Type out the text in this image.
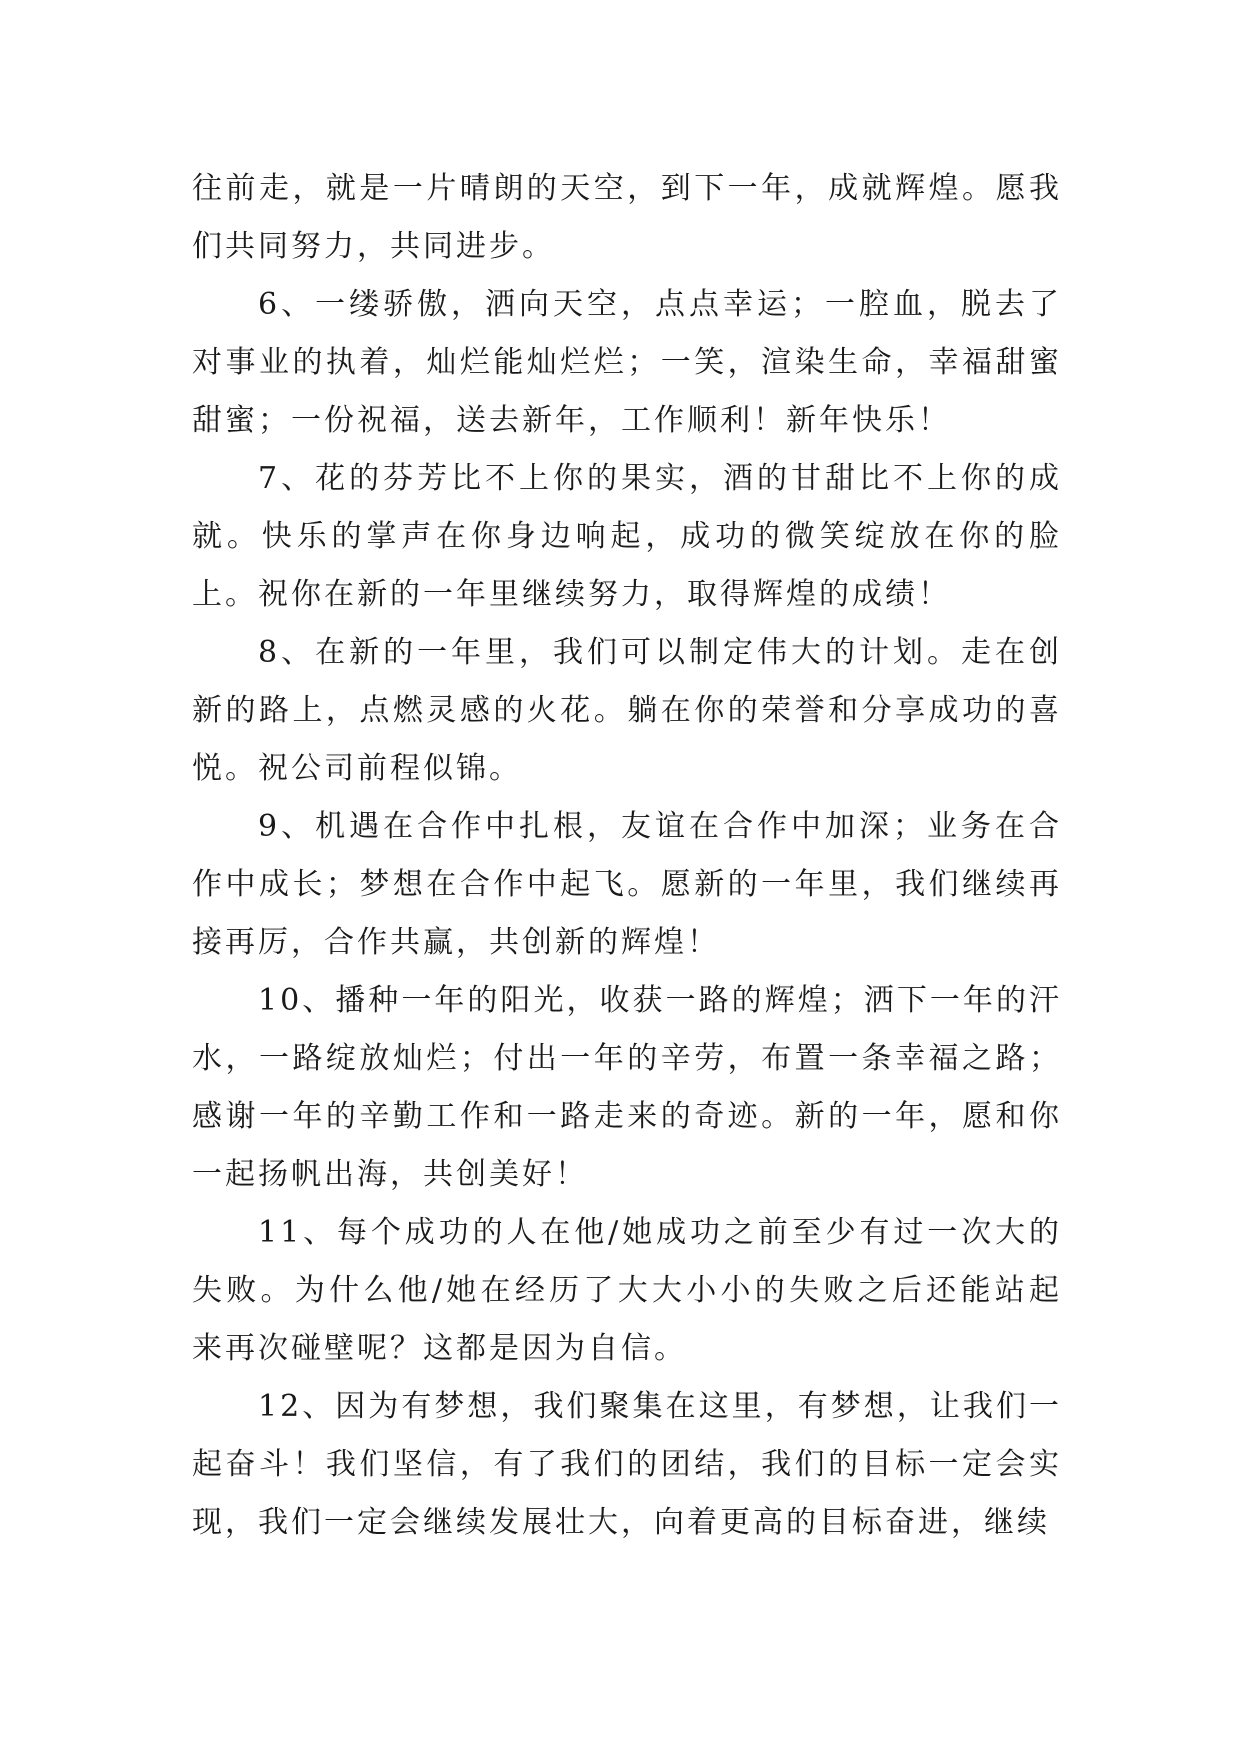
往前走，就是一片晴朗的天空，到下一年，成就辉煌。愿我们共同努力，共同进步。

6、一缕骄傲，洒向天空，点点幸运；一腔血，脱去了对事业的执着，灿烂能灿烂烂；一笑，渲染生命，幸福甜蜜甜蜜；一份祝福，送去新年，工作顺利！新年快乐！

7、花的芬芳比不上你的果实，酒的甘甜比不上你的成就。快乐的掌声在你身边响起，成功的微笑绽放在你的脸上。祝你在新的一年里继续努力，取得辉煌的成绩！

8、在新的一年里，我们可以制定伟大的计划。走在创新的路上，点燃灵感的火花。躺在你的荣誉和分享成功的喜悦。祝公司前程似锦。

9、机遇在合作中扎根，友谊在合作中加深；业务在合作中成长；梦想在合作中起飞。愿新的一年里，我们继续再接再厉，合作共赢，共创新的辉煌！

10、播种一年的阳光，收获一路的辉煌；洒下一年的汗水，一路绽放灿烂；付出一年的辛劳，布置一条幸福之路；感谢一年的辛勤工作和一路走来的奇迹。新的一年，愿和你一起扬帆出海，共创美好！

11、每个成功的人在他/她成功之前至少有过一次大的失败。为什么他/她在经历了大大小小的失败之后还能站起来再次碰壁呢？这都是因为自信。

12、因为有梦想，我们聚集在这里，有梦想，让我们一起奋斗！我们坚信，有了我们的团结，我们的目标一定会实现，我们一定会继续发展壮大，向着更高的目标奋进，继续
